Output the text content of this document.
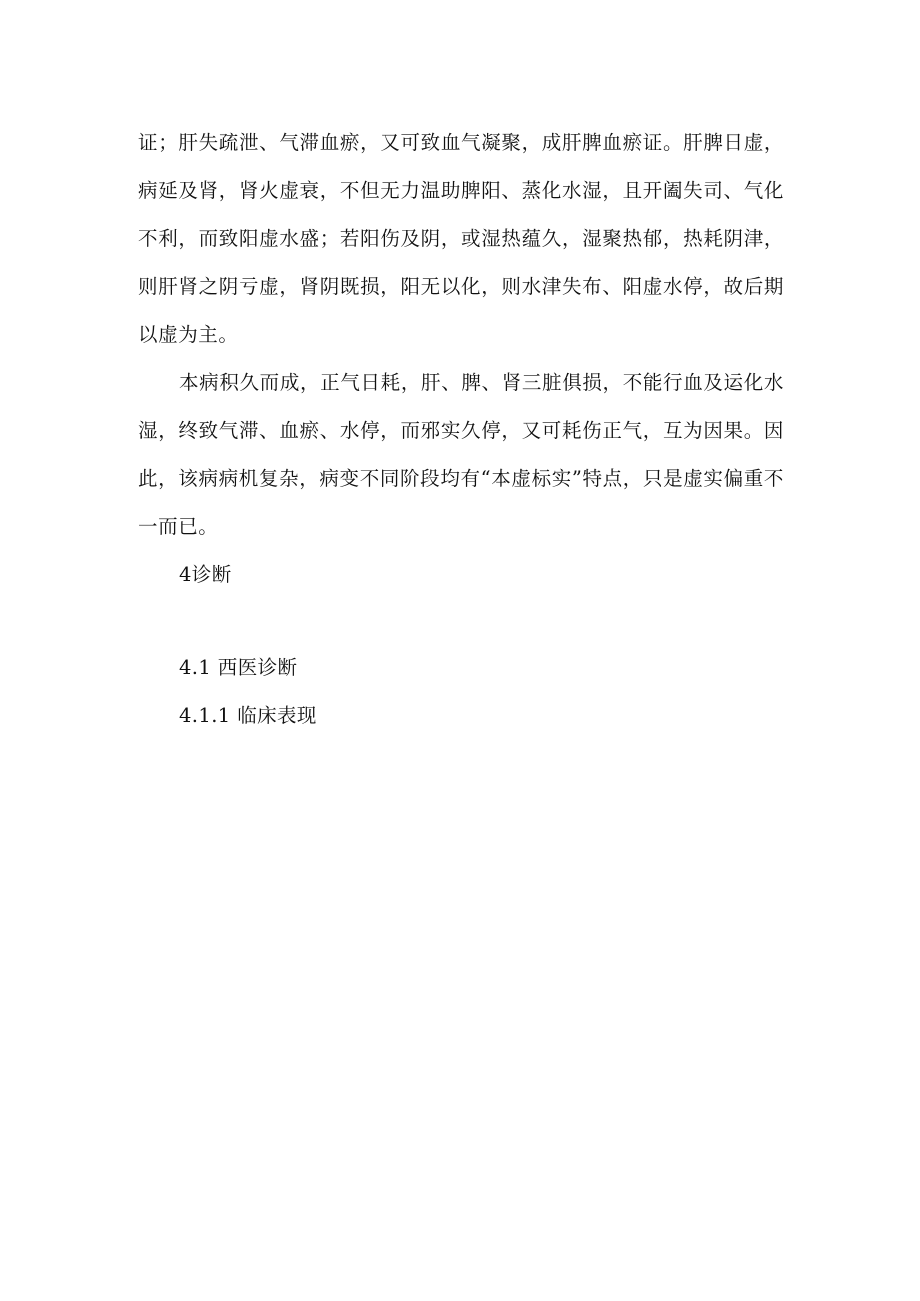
证；肝失疏泄、气滞血瘀，又可致血气凝聚，成肝脾血瘀证。肝脾日虚，病延及肾，肾火虚衰，不但无力温助脾阳、蒸化水湿，且开阖失司、气化不利，而致阳虚水盛；若阳伤及阴，或湿热蕴久，湿聚热郁，热耗阴津，则肝肾之阴亏虚，肾阴既损，阳无以化，则水津失布、阳虚水停，故后期以虚为主。

本病积久而成，正气日耗，肝、脾、肾三脏俱损，不能行血及运化水湿，终致气滞、血瘀、水停，而邪实久停，又可耗伤正气，互为因果。因此，该病病机复杂，病变不同阶段均有“本虚标实”特点，只是虚实偏重不一而已。

4诊断

4.1 西医诊断

4.1.1 临床表现
